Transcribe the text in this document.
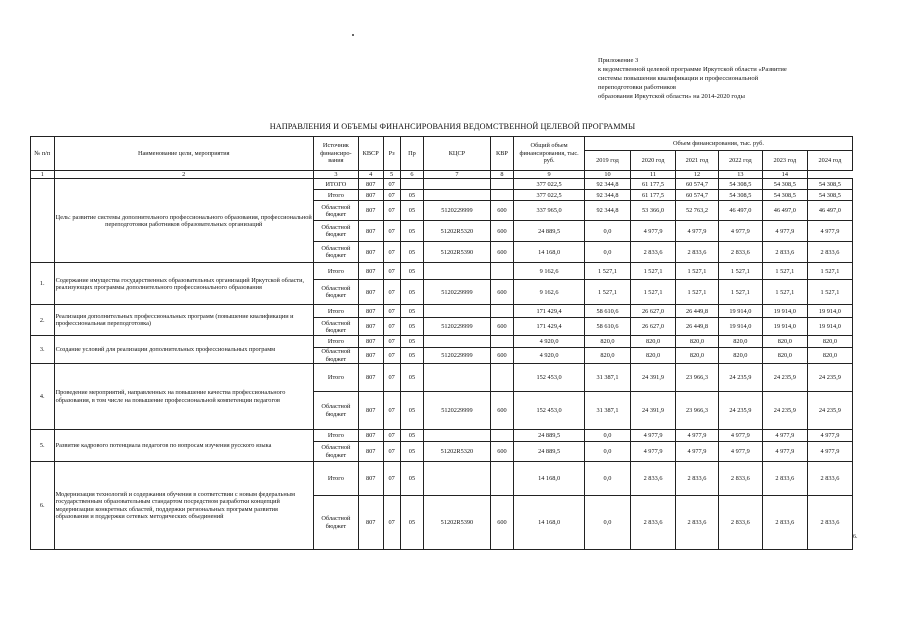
Приложение 3
к ведомственной целевой программе Иркутской области «Развитие
системы повышения квалификации и профессиональной
переподготовки работников
образования Иркутской области» на 2014-2020 годы
НАПРАВЛЕНИЯ И ОБЪЕМЫ ФИНАНСИРОВАНИЯ ВЕДОМСТВЕННОЙ ЦЕЛЕВОЙ ПРОГРАММЫ
№ п/п	Наименование цели, мероприятия	Источник финансиро-вания	КВСР	Рз	Пр	КЦСР	КВР	Общий объем финансирования, тыс. руб.	Объем финансирования, тыс. руб.					
									2019 год	2020 год	2021 год	2022 год	2023 год	2024 год
1	2	3	4	5	6	7	8	9	10	11	12	13	14	
	Цель: развитие системы дополнительного профессионального образования, профессиональной переподготовки работников образовательных организаций	ИТОГО	807	07				377 022,5	92 344,8	61 177,5	60 574,7	54 308,5	54 308,5	54 308,5
		Итого	807	07	05			377 022,5	92 344,8	61 177,5	60 574,7	54 308,5	54 308,5	54 308,5
		Областной бюджет	807	07	05	5120229999	600	337 965,0	92 344,8	53 366,0	52 763,2	46 497,0	46 497,0	46 497,0
		Областной бюджет	807	07	05	51202R5320	600	24 889,5	0,0	4 977,9	4 977,9	4 977,9	4 977,9	4 977,9
		Областной бюджет	807	07	05	51202R5390	600	14 168,0	0,0	2 833,6	2 833,6	2 833,6	2 833,6	2 833,6
1.	Содержание имущества государственных образовательных организаций Иркутской области, реализующих программы дополнительного профессионального образования	Итого	807	07	05			9 162,6	1 527,1	1 527,1	1 527,1	1 527,1	1 527,1	1 527,1
		Областной бюджет	807	07	05	5120229999	600	9 162,6	1 527,1	1 527,1	1 527,1	1 527,1	1 527,1	1 527,1
2.	Реализация дополнительных профессиональных программ (повышение квалификации и профессиональная переподготовка)	Итого	807	07	05			171 429,4	58 610,6	26 627,0	26 449,8	19 914,0	19 914,0	19 914,0
		Областной бюджет	807	07	05	5120229999	600	171 429,4	58 610,6	26 627,0	26 449,8	19 914,0	19 914,0	19 914,0
3.	Создание условий для реализации дополнительных профессиональных программ	Итого	807	07	05			4 920,0	820,0	820,0	820,0	820,0	820,0	820,0
		Областной бюджет	807	07	05	5120229999	600	4 920,0	820,0	820,0	820,0	820,0	820,0	820,0
4.	Проведение мероприятий, направленных на повышение качества профессионального образования, в том числе на повышение профессиональной компетенции педагогов	Итого	807	07	05			152 453,0	31 387,1	24 391,9	23 966,3	24 235,9	24 235,9	24 235,9
		Областной бюджет	807	07	05	5120229999	600	152 453,0	31 387,1	24 391,9	23 966,3	24 235,9	24 235,9	24 235,9
5.	Развитие кадрового потенциала педагогов по вопросам изучения русского языка	Итого	807	07	05			24 889,5	0,0	4 977,9	4 977,9	4 977,9	4 977,9	4 977,9
		Областной бюджет	807	07	05	51202R5320	600	24 889,5	0,0	4 977,9	4 977,9	4 977,9	4 977,9	4 977,9
6.	Модернизация технологий и содержания обучения в соответствии с новым федеральным государственным образовательным стандартом посредством разработки концепций модернизации конкретных областей, поддержки региональных программ развития образования и поддержки сетевых методических объединений	Итого	807	07	05			14 168,0	0,0	2 833,6	2 833,6	2 833,6	2 833,6	2 833,6
		Областной бюджет	807	07	05	51202R5390	600	14 168,0	0,0	2 833,6	2 833,6	2 833,6	2 833,6	2 833,6
6.
